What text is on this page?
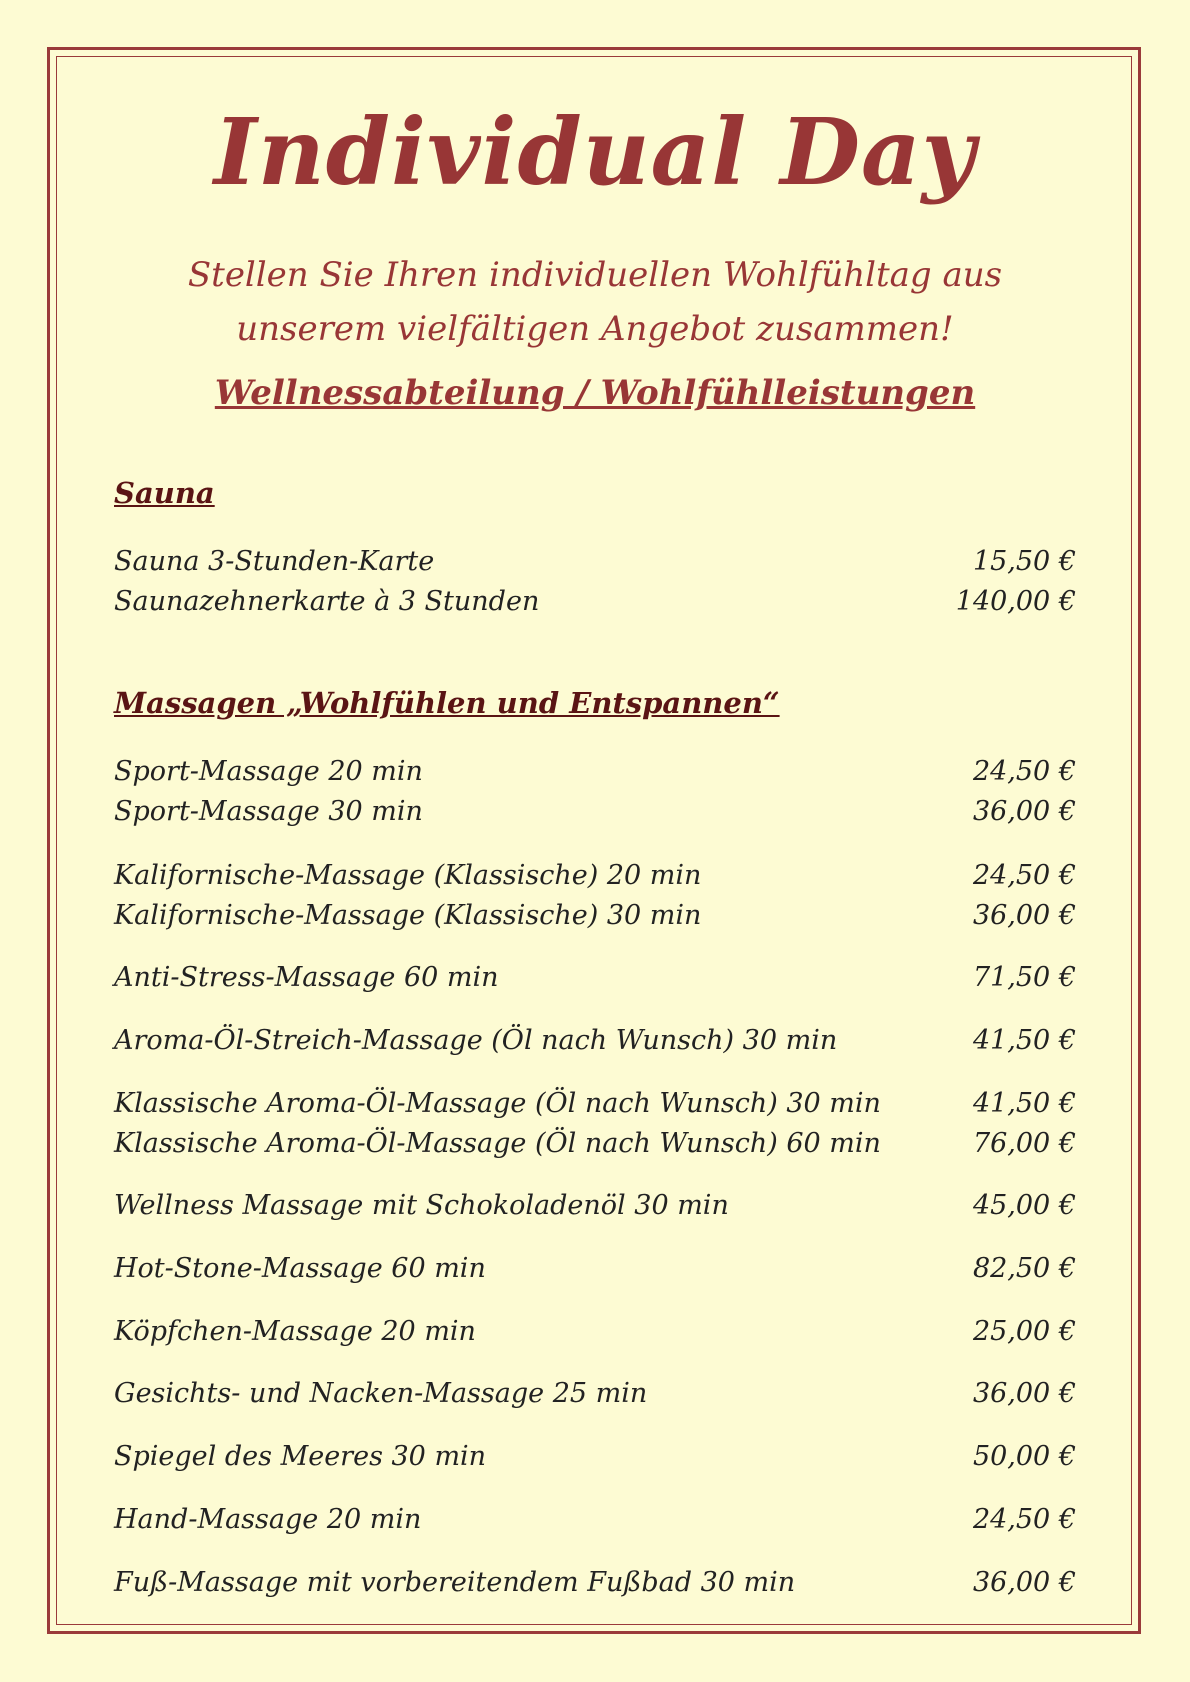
Individual Day

Stellen Sie Ihren individuellen Wohlfühltag aus unserem vielfältigen Angebot zusammen!

Wellnessabteilung / Wohlfühlleistungen
Sauna
Sauna 3-Stunden-Karte	15,50 €
Saunazehnerkarte à 3 Stunden	140,00 €
Massagen „Wohlfühlen und Entspannen“
Sport-Massage 20 min	24,50 €
Sport-Massage 30 min	36,00 €
Kalifornische-Massage (Klassische) 20 min	24,50 €
Kalifornische-Massage (Klassische) 30 min	36,00 €
Anti-Stress-Massage 60 min	71,50 €
Aroma-Öl-Streich-Massage (Öl nach Wunsch) 30 min	41,50 €
Klassische Aroma-Öl-Massage (Öl nach Wunsch) 30 min	41,50 €
Klassische Aroma-Öl-Massage (Öl nach Wunsch) 60 min	76,00 €
Wellness Massage mit Schokoladenöl 30 min	45,00 €
Hot-Stone-Massage 60 min	82,50 €
Köpfchen-Massage 20 min	25,00 €
Gesichts- und Nacken-Massage 25 min	36,00 €
Spiegel des Meeres 30 min	50,00 €
Hand-Massage 20 min	24,50 €
Fuß-Massage mit vorbereitendem Fußbad 30 min	36,00 €
